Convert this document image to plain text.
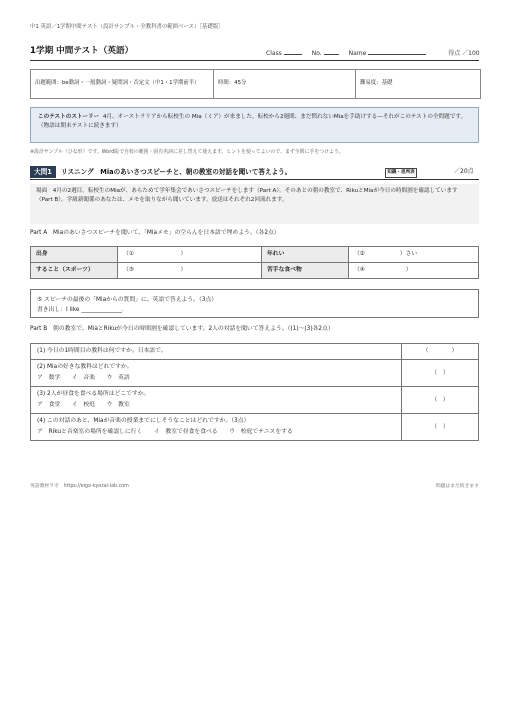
中1 英語／1学期中間テスト（設計サンプル・全教科書の範囲ベース）［基礎版］
1学期 中間テスト（英語）	Class	No.	Name	得点 ／100
出題範囲：be動詞・一般動詞・疑問詞・否定文（中1・1学期前半）	時間：45分	難易度：基礎
このテストのストーリー 4月、オーストラリアから転校生の Mia（ミア）が来ました。転校から2週間、まだ慣れないMiaを手助けする—それがこのテストの全問題です。（物語は期末テストに続きます）
※設計サンプル（ひな形）です。Word版で自校の範囲・固有名詞に差し替えて使えます。ヒントを使ってよいので、まず全問に手をつけよう。
大問1	リスニング　Miaのあいさつスピーチと、朝の教室の対話を聞いて答えよう。	知識・思判表	／20点
場面　4月の2週目。転校生のMiaが、あらためて学年集会であいさつスピーチをします（Part A）。そのあとの朝の教室で、RikuとMiaが今日の時間割を確認しています（Part B）。学級新聞係のあなたは、メモを取りながら聞いています。放送はそれぞれ2回流れます。
Part A　Miaのあいさつスピーチを聞いて、「Miaメモ」の空らんを日本語で埋めよう。（各2点）
出身	（①　　　　　　　　）	年れい	（②　　　　　　）さい
すること（スポーツ）	（③　　　　　　　　）	苦手な食べ物	（④　　　　　　　）
⑤ スピーチの最後の「Miaからの質問」に、英語で答えよう。（3点）
書き出し：I like ______________.
Part B　朝の教室で、MiaとRikuが今日の時間割を確認しています。2人の対話を聞いて答えよう。（(1)～(3)各2点）
(1) 今日の1時間目の教科は何ですか。日本語で。	（　　　　）

(2) Miaの好きな教科はどれですか。
ア　数学　　イ　音楽　　ウ　英語	（　）

(3) 2人が昼食を食べる場所はどこですか。
ア　食堂　　イ　校庭　　ウ　教室	（　）

(4) この対話のあと、Miaが音楽の授業までにしそうなことはどれですか。（3点）
ア　Rikuと音楽室の場所を確認しに行く　　イ　教室で昼食を食べる　　ウ　校庭でテニスをする	（　）
英語教材ラボ　https://eigo-kyozai-lab.com	問題はまだ続きます
